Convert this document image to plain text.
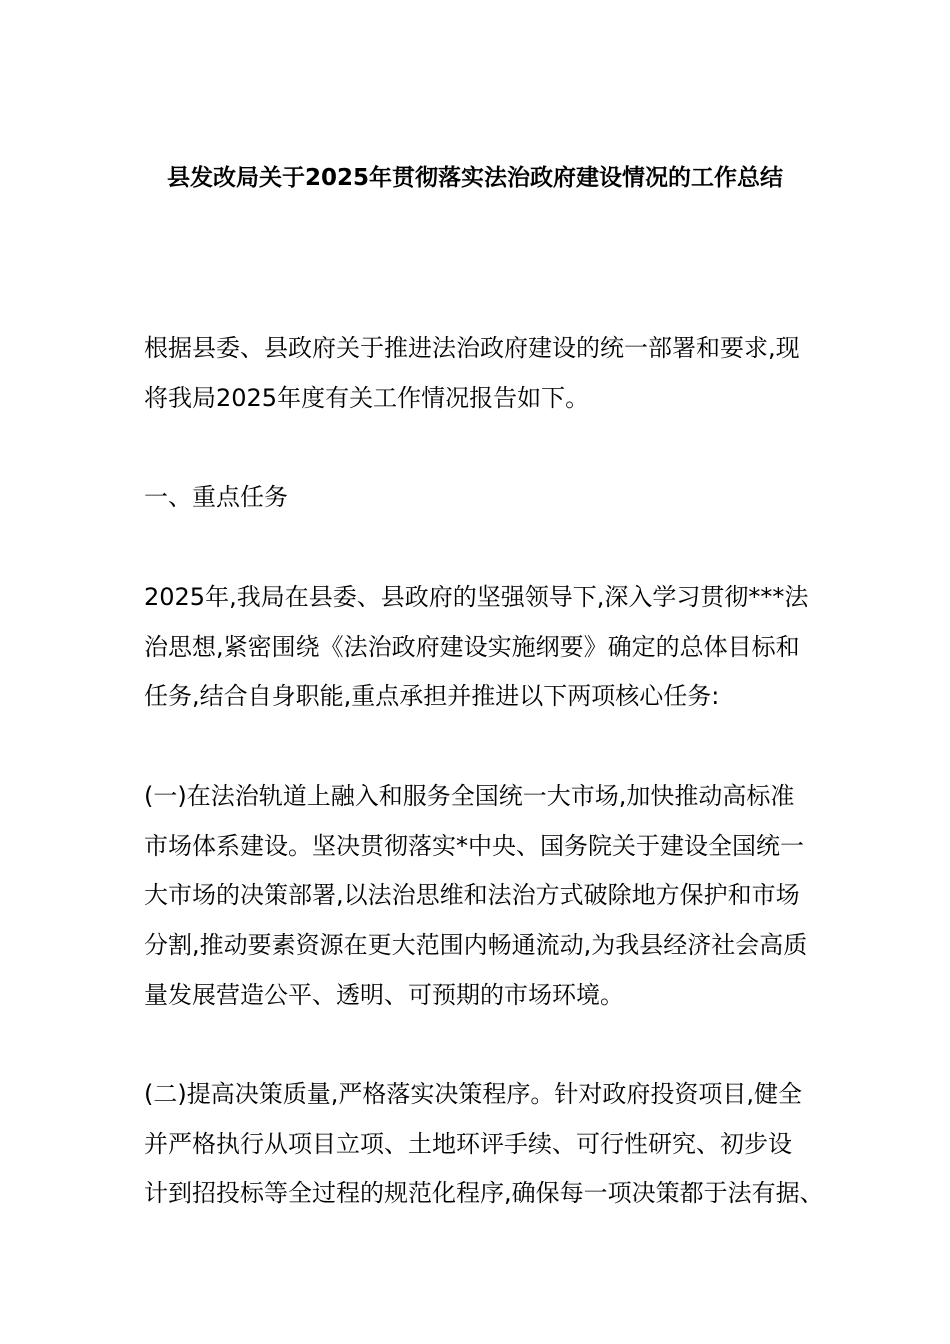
县发改局关于2025年贯彻落实法治政府建设情况的工作总结
根据县委、县政府关于推进法治政府建设的统一部署和要求,现
将我局2025年度有关工作情况报告如下。
一、重点任务
2025年,我局在县委、县政府的坚强领导下,深入学习贯彻***法
治思想,紧密围绕《法治政府建设实施纲要》确定的总体目标和
任务,结合自身职能,重点承担并推进以下两项核心任务:
(一)在法治轨道上融入和服务全国统一大市场,加快推动高标准
市场体系建设。坚决贯彻落实*中央、国务院关于建设全国统一
大市场的决策部署,以法治思维和法治方式破除地方保护和市场
分割,推动要素资源在更大范围内畅通流动,为我县经济社会高质
量发展营造公平、透明、可预期的市场环境。
(二)提高决策质量,严格落实决策程序。针对政府投资项目,健全
并严格执行从项目立项、土地环评手续、可行性研究、初步设
计到招投标等全过程的规范化程序,确保每一项决策都于法有据、
